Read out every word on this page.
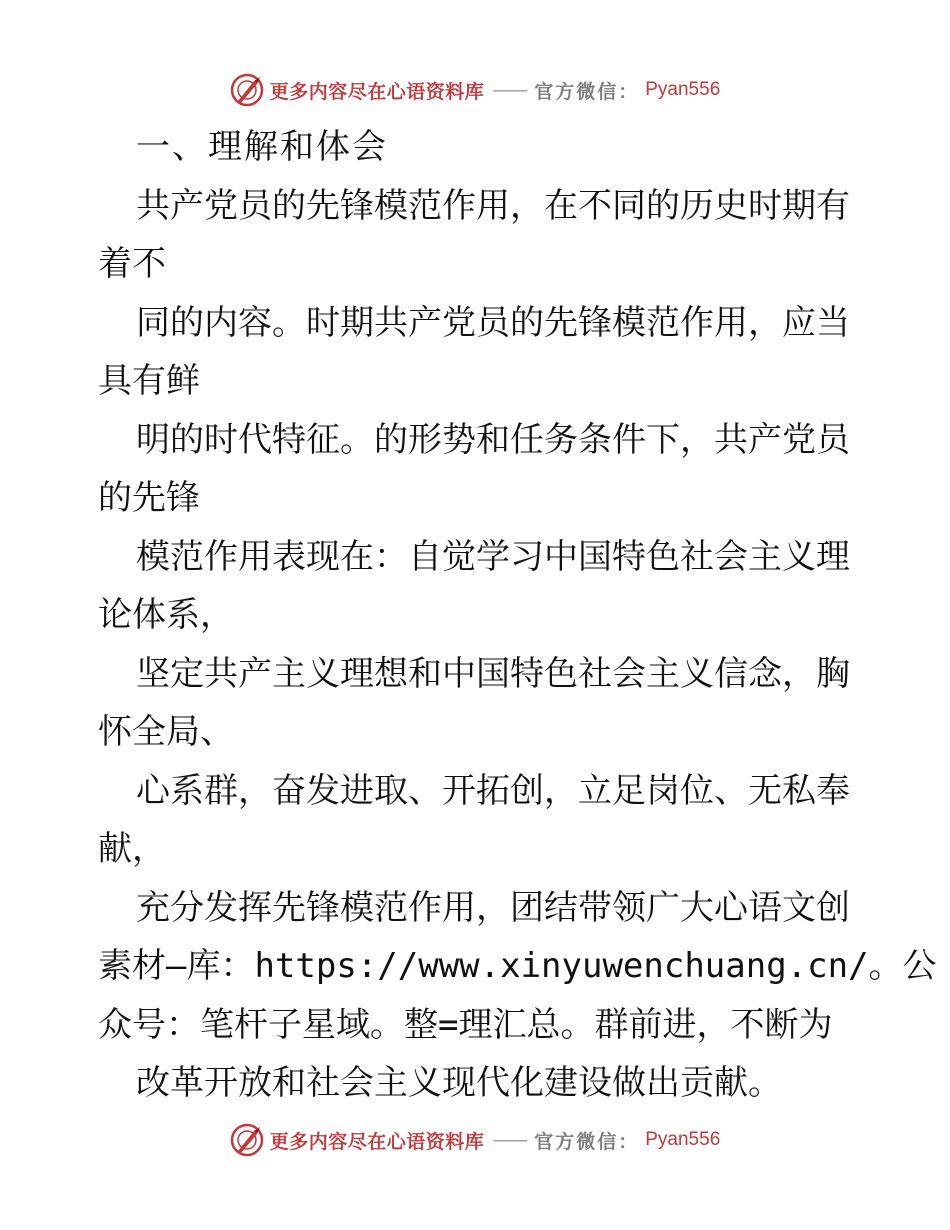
更多内容尽在心语资料库 —— 官方微信： Pyan556
一、理解和体会
共产党员的先锋模范作用，在不同的历史时期有
着不
同的内容。时期共产党员的先锋模范作用，应当
具有鲜
明的时代特征。的形势和任务条件下，共产党员
的先锋
模范作用表现在：自觉学习中国特色社会主义理
论体系，
坚定共产主义理想和中国特色社会主义信念，胸
怀全局、
心系群，奋发进取、开拓创，立足岗位、无私奉
献，
充分发挥先锋模范作用，团结带领广大心语文创
素材—库：https://www.xinyuwenchuang.cn/。公
众号：笔杆子星域。整=理汇总。群前进，不断为
改革开放和社会主义现代化建设做出贡献。
更多内容尽在心语资料库 —— 官方微信： Pyan556
